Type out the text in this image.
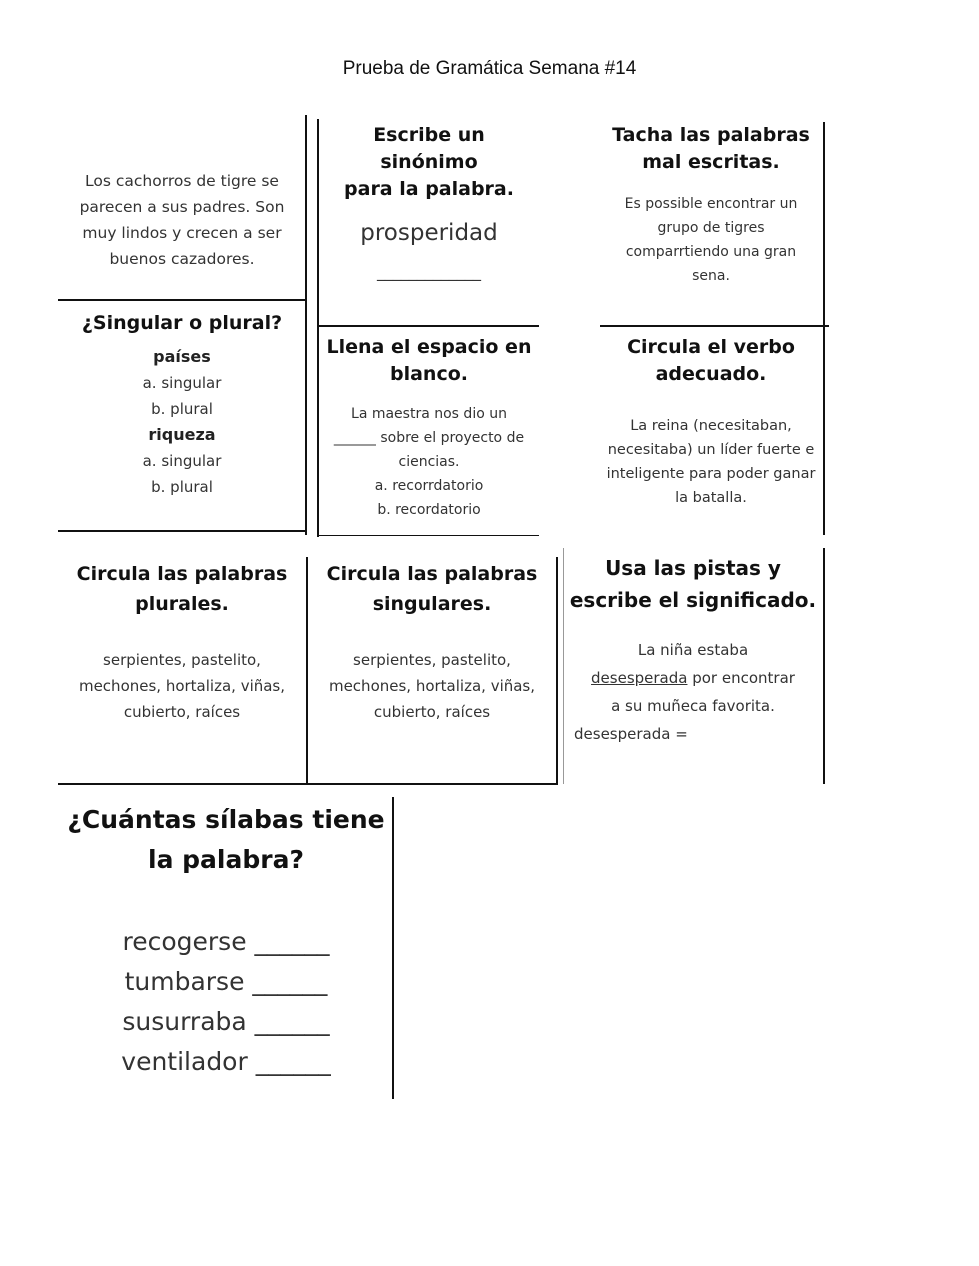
Prueba de Gramática Semana #14
Los cachorros de tigre se parecen a sus padres. Son muy lindos y crecen a ser buenos cazadores.
Escribe un sinónimo
para la palabra.
prosperidad
_____________
Tacha las palabras
mal escritas.
Es possible encontrar un grupo de tigres comparrtiendo una gran sena.
¿Singular o plural?
países
a. singular
b. plural
riqueza
a. singular
b. plural
Llena el espacio en
blanco.
La maestra nos dio un
______ sobre el proyecto de
ciencias.
a. recorrdatorio
b. recordatorio
Circula el verbo
adecuado.
La reina (necesitaban, necesitaba) un líder fuerte e inteligente para poder ganar la batalla.
Circula las palabras
plurales.
serpientes, pastelito,
mechones, hortaliza, viñas,
cubierto, raíces
Circula las palabras
singulares.
serpientes, pastelito,
mechones, hortaliza, viñas,
cubierto, raíces
Usa las pistas y
escribe el significado.
La niña estaba
desesperada por encontrar
a su muñeca favorita.
desesperada =
¿Cuántas sílabas tiene
la palabra?
recogerse ______
tumbarse ______
susurraba ______
ventilador ______
